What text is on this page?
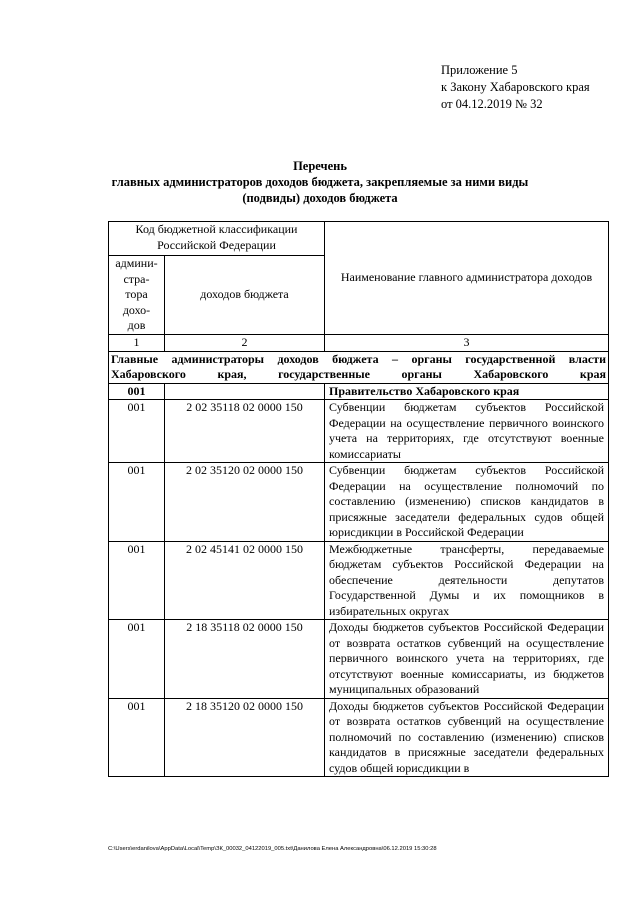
Приложение 5
к Закону Хабаровского края
от 04.12.2019 № 32
Перечень
главных администраторов доходов бюджета, закрепляемые за ними виды
(подвиды) доходов бюджета
Код бюджетной классификации Российской Федерации		Наименование главного администратора доходов
админи-
стра-
тора
дохо-
дов	доходов бюджета	
1	2	3
Главные администраторы доходов бюджета – органы государственной власти Хабаровского края, государственные органы Хабаровского края		
001		Правительство Хабаровского края
001	2 02 35118 02 0000 150	Субвенции бюджетам субъектов Российской Федерации на осуществление первичного воинского учета на территориях, где отсутствуют военные комиссариаты
001	2 02 35120 02 0000 150	Субвенции бюджетам субъектов Российской Федерации на осуществление полномочий по составлению (изменению) списков кандидатов в присяжные заседатели федеральных судов общей юрисдикции в Российской Федерации
001	2 02 45141 02 0000 150	Межбюджетные трансферты, передаваемые бюджетам субъектов Российской Федерации на обеспечение деятельности депутатов Государственной Думы и их помощников в избирательных округах
001	2 18 35118 02 0000 150	Доходы бюджетов субъектов Российской Федерации от возврата остатков субвенций на осуществление первичного воинского учета на территориях, где отсутствуют военные комиссариаты, из бюджетов муниципальных образований
001	2 18 35120 02 0000 150	Доходы бюджетов субъектов Российской Федерации от возврата остатков субвенций на осуществление полномочий по составлению (изменению) списков кандидатов в присяжные заседатели федеральных судов общей юрисдикции в
C:\Users\erdanilova\AppData\Local\Temp\ЗК_00032_04122019_005.txt\Данилова Елена Александровна\06.12.2019 15:30:28
